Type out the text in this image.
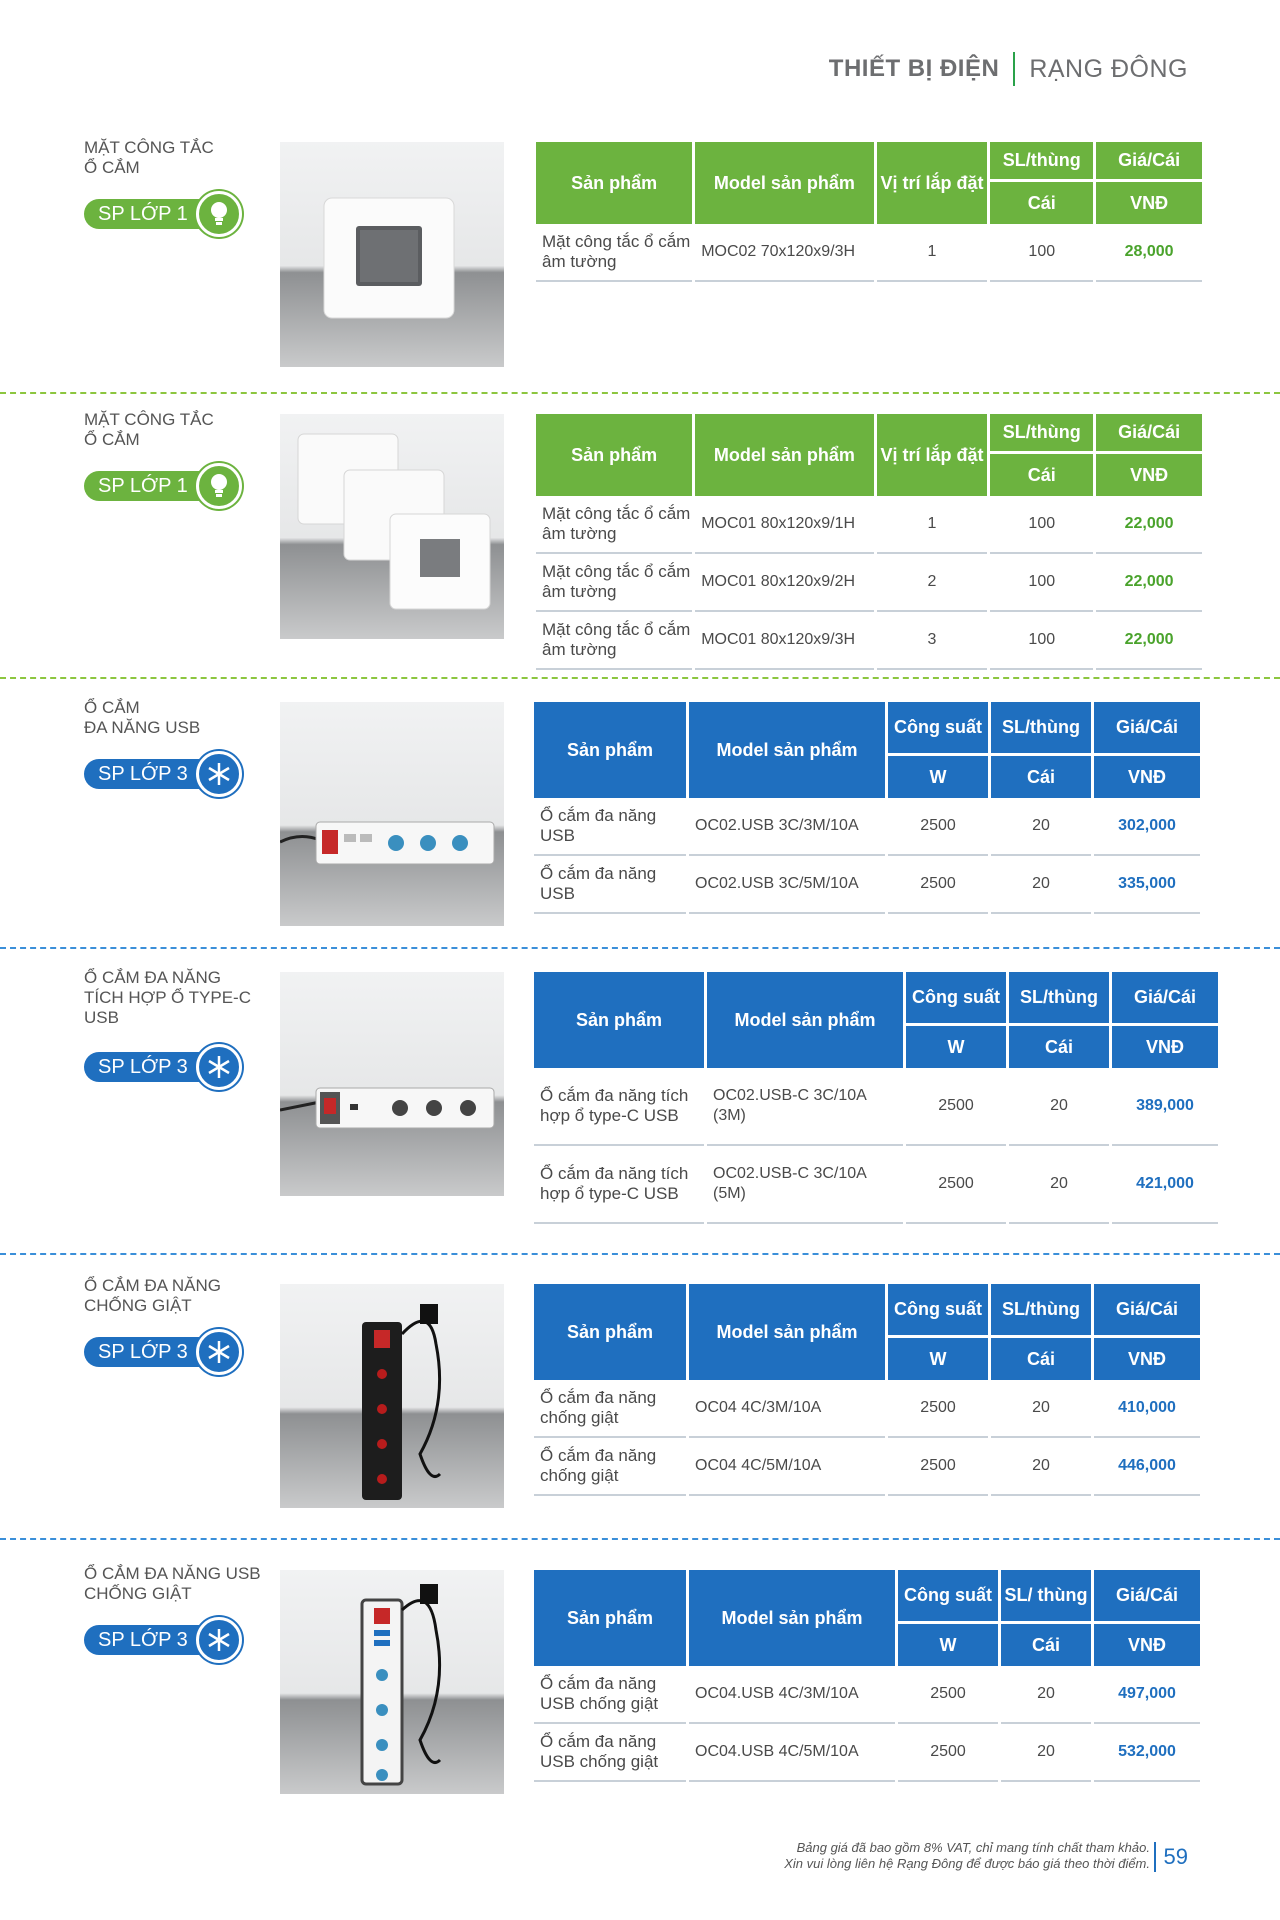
THIẾT BỊ ĐIỆN RẠNG ĐÔNG
MẶT CÔNG TẮC
Ổ CẮM
SP LỚP 1
Sản phẩm	Model sản phẩm	Vị trí lắp đặt	SL/thùng	Giá/Cái
			Cái	VNĐ
Mặt công tắc ổ cắm âm tường	MOC02 70x120x9/3H	1	100	28,000
MẶT CÔNG TẮC
Ổ CẮM
SP LỚP 1
Sản phẩm	Model sản phẩm	Vị trí lắp đặt	SL/thùng	Giá/Cái
			Cái	VNĐ
Mặt công tắc ổ cắm âm tường	MOC01 80x120x9/1H	1	100	22,000
Mặt công tắc ổ cắm âm tường	MOC01 80x120x9/2H	2	100	22,000
Mặt công tắc ổ cắm âm tường	MOC01 80x120x9/3H	3	100	22,000
Ổ CẮM
ĐA NĂNG USB
SP LỚP 3
Sản phẩm	Model sản phẩm	Công suất	SL/thùng	Giá/Cái
		W	Cái	VNĐ
Ổ cắm đa năng USB	OC02.USB 3C/3M/10A	2500	20	302,000
Ổ cắm đa năng USB	OC02.USB 3C/5M/10A	2500	20	335,000
Ổ CẮM ĐA NĂNG
TÍCH HỢP Ổ TYPE-C
USB
SP LỚP 3
Sản phẩm	Model sản phẩm	Công suất	SL/thùng	Giá/Cái
		W	Cái	VNĐ
Ổ cắm đa năng tích hợp ổ type-C USB	OC02.USB-C 3C/10A (3M)	2500	20	389,000
Ổ cắm đa năng tích hợp ổ type-C USB	OC02.USB-C 3C/10A (5M)	2500	20	421,000
Ổ CẮM ĐA NĂNG
CHỐNG GIẬT
SP LỚP 3
Sản phẩm	Model sản phẩm	Công suất	SL/thùng	Giá/Cái
		W	Cái	VNĐ
Ổ cắm đa năng chống giật	OC04 4C/3M/10A	2500	20	410,000
Ổ cắm đa năng chống giật	OC04 4C/5M/10A	2500	20	446,000
Ổ CẮM ĐA NĂNG USB
CHỐNG GIẬT
SP LỚP 3
Sản phẩm	Model sản phẩm	Công suất	SL/ thùng	Giá/Cái
		W	Cái	VNĐ
Ổ cắm đa năng USB chống giật	OC04.USB 4C/3M/10A	2500	20	497,000
Ổ cắm đa năng USB chống giật	OC04.USB 4C/5M/10A	2500	20	532,000
Bảng giá đã bao gồm 8% VAT, chỉ mang tính chất tham khảo.
Xin vui lòng liên hệ Rạng Đông để được báo giá theo thời điểm. 59
